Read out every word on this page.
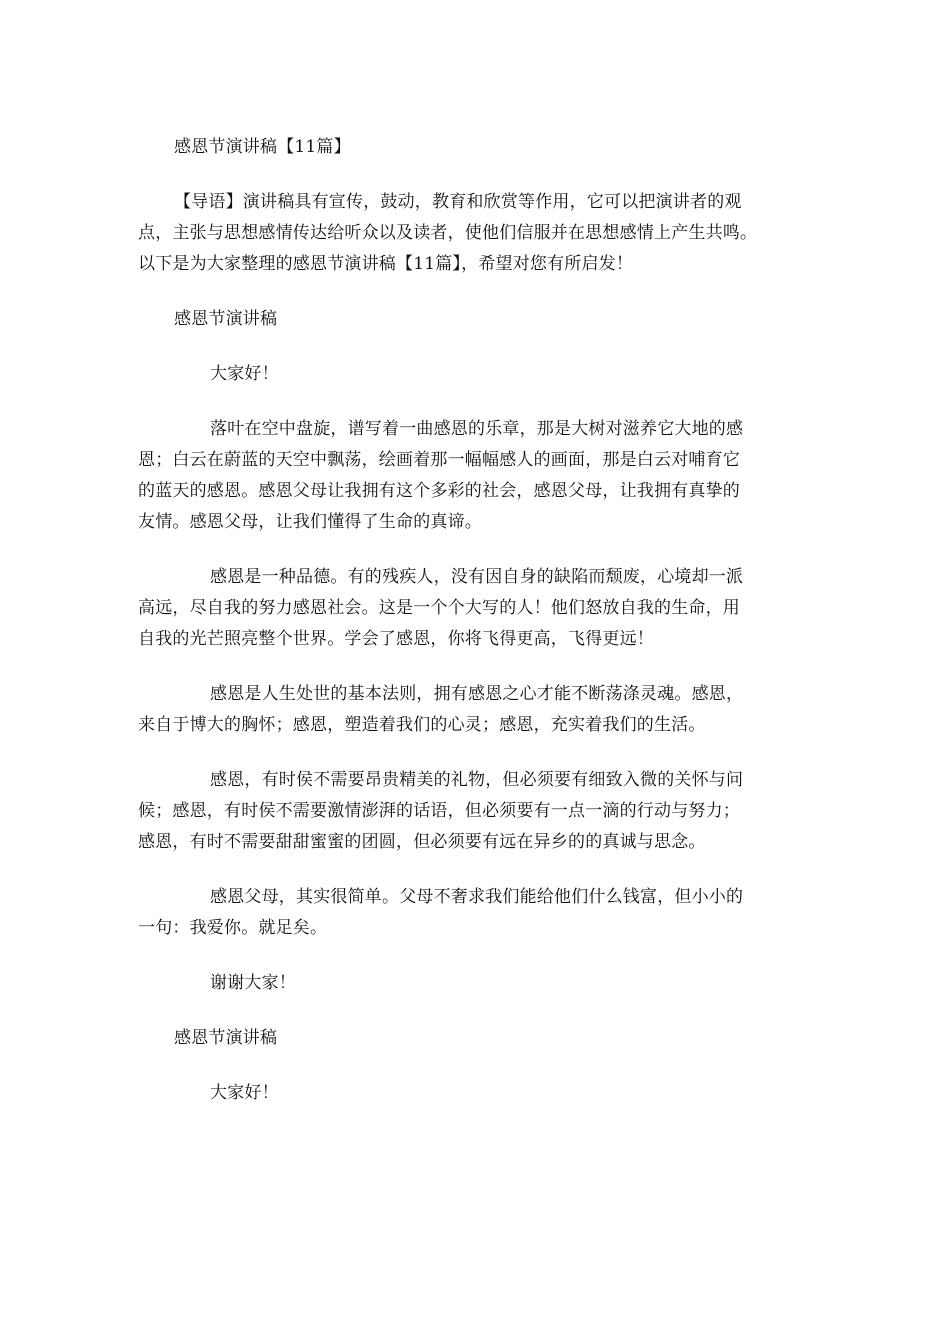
感恩节演讲稿【11篇】
【导语】演讲稿具有宣传，鼓动，教育和欣赏等作用，它可以把演讲者的观
点，主张与思想感情传达给听众以及读者，使他们信服并在思想感情上产生共鸣。
以下是为大家整理的感恩节演讲稿【11篇】，希望对您有所启发！
感恩节演讲稿
大家好！
落叶在空中盘旋，谱写着一曲感恩的乐章，那是大树对滋养它大地的感
恩；白云在蔚蓝的天空中飘荡，绘画着那一幅幅感人的画面，那是白云对哺育它
的蓝天的感恩。感恩父母让我拥有这个多彩的社会，感恩父母，让我拥有真挚的
友情。感恩父母，让我们懂得了生命的真谛。
感恩是一种品德。有的残疾人，没有因自身的缺陷而颓废，心境却一派
高远，尽自我的努力感恩社会。这是一个个大写的人！他们怒放自我的生命，用
自我的光芒照亮整个世界。学会了感恩，你将飞得更高，飞得更远！
感恩是人生处世的基本法则，拥有感恩之心才能不断荡涤灵魂。感恩，
来自于博大的胸怀；感恩，塑造着我们的心灵；感恩，充实着我们的生活。
感恩，有时侯不需要昂贵精美的礼物，但必须要有细致入微的关怀与问
候；感恩，有时侯不需要激情澎湃的话语，但必须要有一点一滴的行动与努力；
感恩，有时不需要甜甜蜜蜜的团圆，但必须要有远在异乡的的真诚与思念。
感恩父母，其实很简单。父母不奢求我们能给他们什么钱富，但小小的
一句：我爱你。就足矣。
谢谢大家！
感恩节演讲稿
大家好！
